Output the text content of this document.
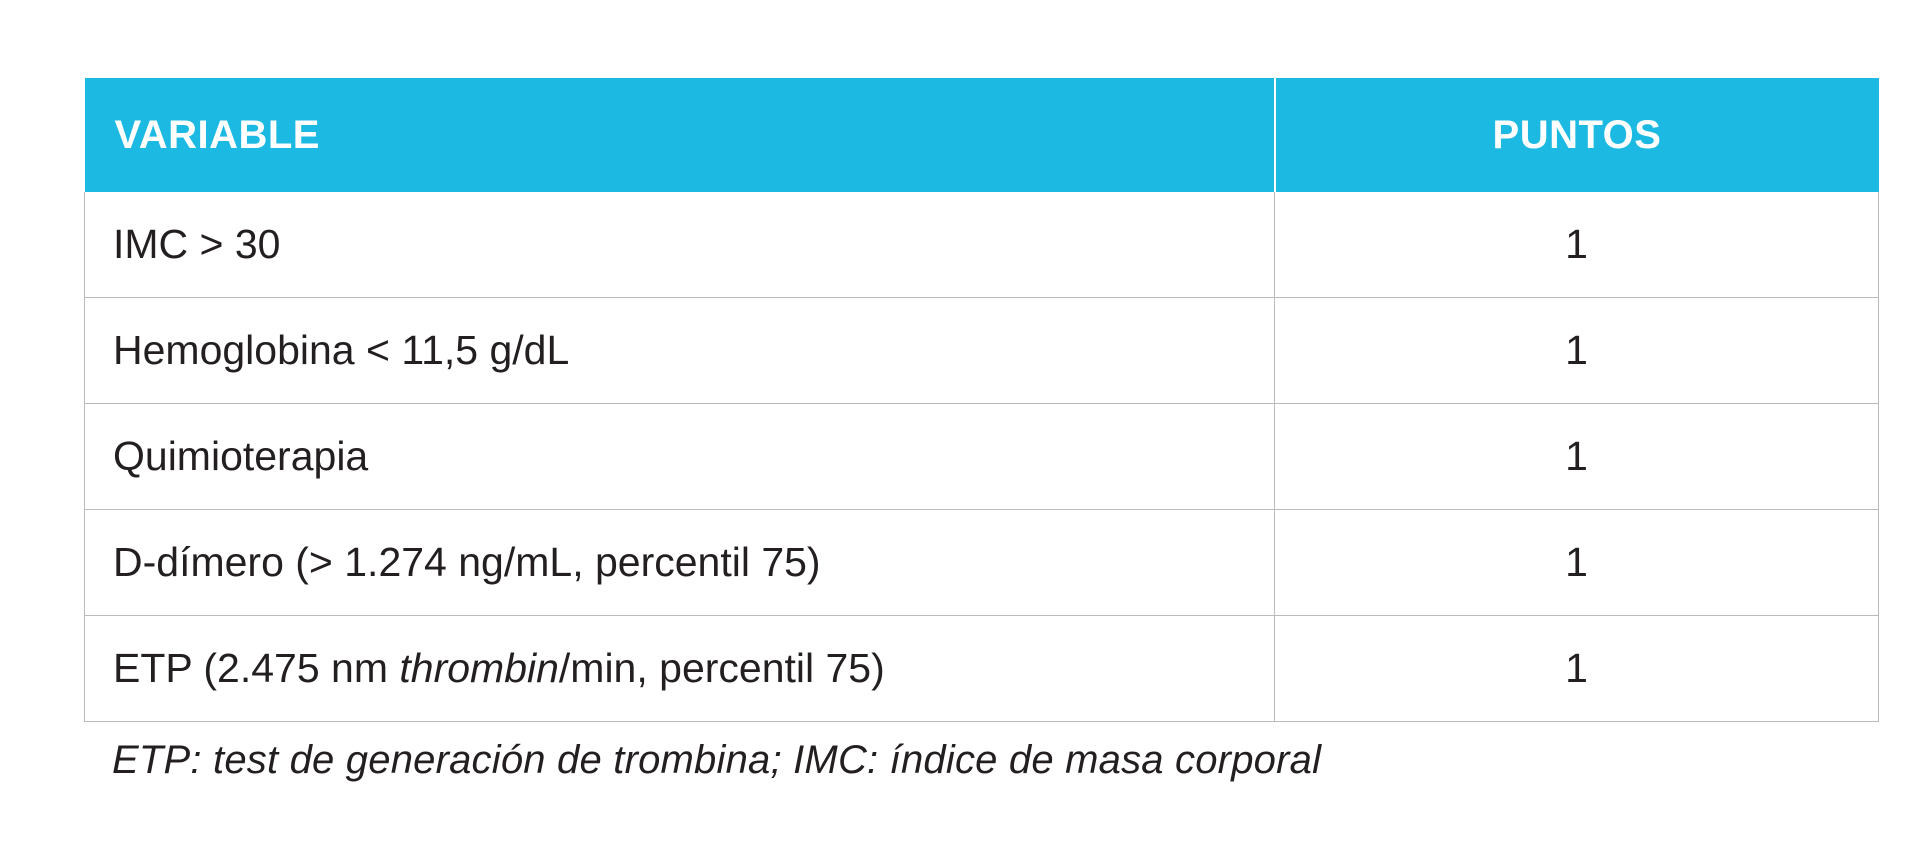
VARIABLE	PUNTOS
IMC > 30	1
Hemoglobina < 11,5 g/dL	1
Quimioterapia	1
D-dímero (> 1.274 ng/mL, percentil 75)	1
ETP (2.475 nm thrombin/min, percentil 75)	1
ETP: test de generación de trombina; IMC: índice de masa corporal
